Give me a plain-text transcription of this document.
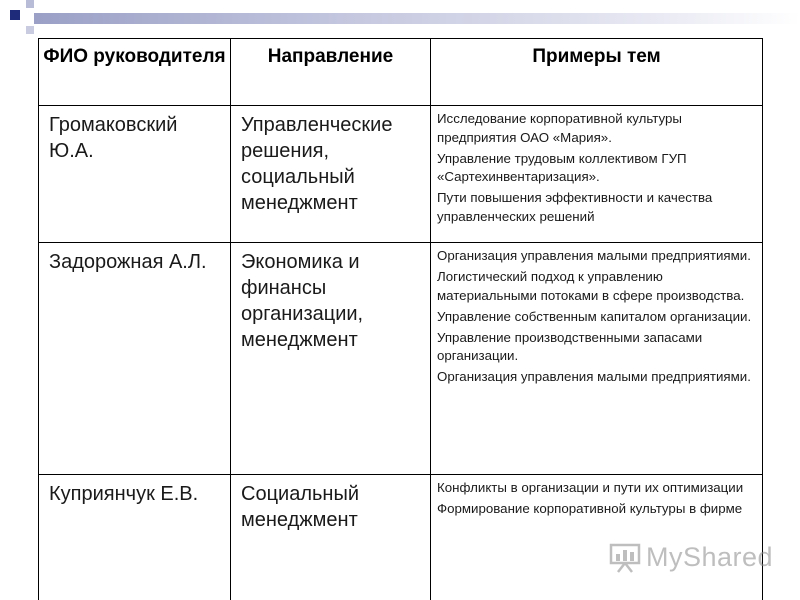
ФИО руководителя	Направление	Примеры тем
Громаковский Ю.А.	Управленческие решения, социальный менеджмент	Исследование корпоративной культуры предприятия ОАО «Мария».
Управление трудовым коллективом ГУП «Сартехинвентаризация».
Пути повышения эффективности и качества управленческих решений

Задорожная А.Л.	Экономика и финансы организации, менеджмент	Организация управления малыми предприятиями.
Логистический подход к управлению материальными потоками в сфере производства.
Управление собственным капиталом организации.
Управление производственными запасами организации.
Организация управления малыми предприятиями.

Куприянчук Е.В.	Социальный менеджмент	Конфликты в организации и пути их оптимизации
Формирование корпоративной культуры в фирме
MyShared
